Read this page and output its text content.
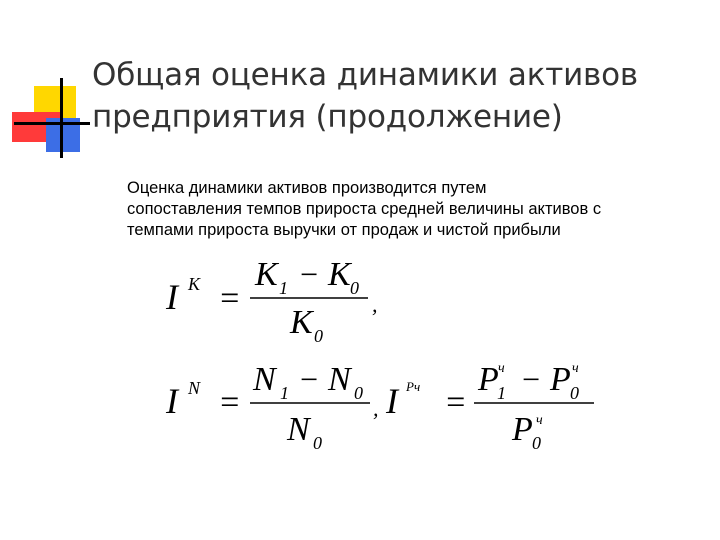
Общая оценка динамики активов
предприятия (продолжение)
Оценка динамики активов производится путем
сопоставления темпов прироста средней величины активов с
темпами прироста выручки от продаж и чистой прибыли
I K =
K 1 − K 0
K 0
,
I N =
N 1 − N 0
N 0
, I Pч =
P ч
1 − P ч
0
P ч
0
